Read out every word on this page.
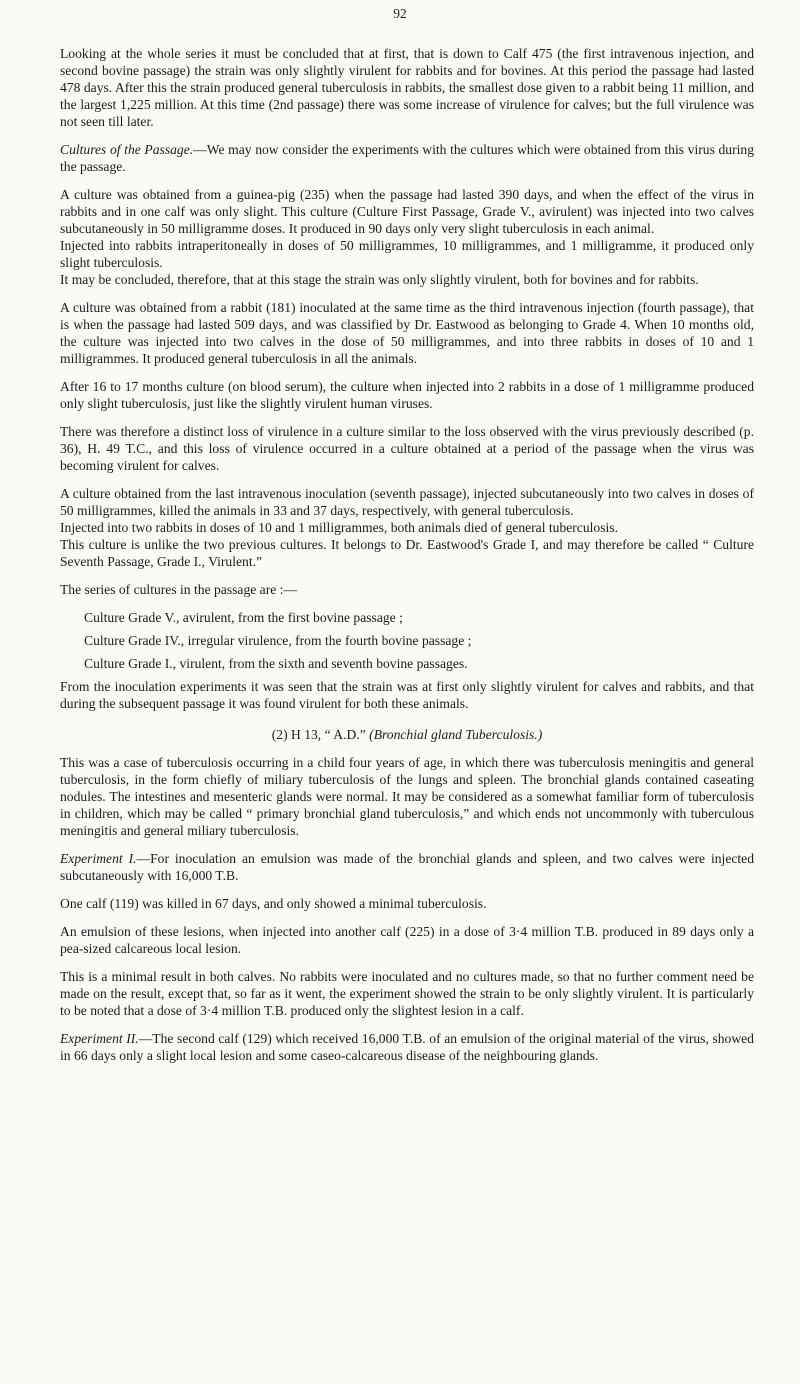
92

Looking at the whole series it must be concluded that at first, that is down to Calf 475 (the first intravenous injection, and second bovine passage) the strain was only slightly virulent for rabbits and for bovines. At this period the passage had lasted 478 days. After this the strain produced general tuberculosis in rabbits, the smallest dose given to a rabbit being 11 million, and the largest 1,225 million. At this time (2nd passage) there was some increase of virulence for calves; but the full virulence was not seen till later.

Cultures of the Passage.—We may now consider the experiments with the cultures which were obtained from this virus during the passage.

A culture was obtained from a guinea-pig (235) when the passage had lasted 390 days, and when the effect of the virus in rabbits and in one calf was only slight. This culture (Culture First Passage, Grade V., avirulent) was injected into two calves subcutaneously in 50 milligramme doses. It produced in 90 days only very slight tuberculosis in each animal.

Injected into rabbits intraperitoneally in doses of 50 milligrammes, 10 milligrammes, and 1 milligramme, it produced only slight tuberculosis.

It may be concluded, therefore, that at this stage the strain was only slightly virulent, both for bovines and for rabbits.

A culture was obtained from a rabbit (181) inoculated at the same time as the third intravenous injection (fourth passage), that is when the passage had lasted 509 days, and was classified by Dr. Eastwood as belonging to Grade 4. When 10 months old, the culture was injected into two calves in the dose of 50 milligrammes, and into three rabbits in doses of 10 and 1 milligrammes. It produced general tuberculosis in all the animals.

After 16 to 17 months culture (on blood serum), the culture when injected into 2 rabbits in a dose of 1 milligramme produced only slight tuberculosis, just like the slightly virulent human viruses.

There was therefore a distinct loss of virulence in a culture similar to the loss observed with the virus previously described (p. 36), H. 49 T.C., and this loss of virulence occurred in a culture obtained at a period of the passage when the virus was becoming virulent for calves.

A culture obtained from the last intravenous inoculation (seventh passage), injected subcutaneously into two calves in doses of 50 milligrammes, killed the animals in 33 and 37 days, respectively, with general tuberculosis.

Injected into two rabbits in doses of 10 and 1 milligrammes, both animals died of general tuberculosis.

This culture is unlike the two previous cultures. It belongs to Dr. Eastwood's Grade I, and may therefore be called “ Culture Seventh Passage, Grade I., Virulent.”

The series of cultures in the passage are :—

Culture Grade V., avirulent, from the first bovine passage ;

Culture Grade IV., irregular virulence, from the fourth bovine passage ;

Culture Grade I., virulent, from the sixth and seventh bovine passages.

From the inoculation experiments it was seen that the strain was at first only slightly virulent for calves and rabbits, and that during the subsequent passage it was found virulent for both these animals.

(2) H 13, “ A.D.” (Bronchial gland Tuberculosis.)

This was a case of tuberculosis occurring in a child four years of age, in which there was tuberculosis meningitis and general tuberculosis, in the form chiefly of miliary tuberculosis of the lungs and spleen. The bronchial glands contained caseating nodules. The intestines and mesenteric glands were normal. It may be considered as a somewhat familiar form of tuberculosis in children, which may be called “ primary bronchial gland tuberculosis,” and which ends not uncommonly with tuberculous meningitis and general miliary tuberculosis.

Experiment I.—For inoculation an emulsion was made of the bronchial glands and spleen, and two calves were injected subcutaneously with 16,000 T.B.

One calf (119) was killed in 67 days, and only showed a minimal tuberculosis.

An emulsion of these lesions, when injected into another calf (225) in a dose of 3·4 million T.B. produced in 89 days only a pea-sized calcareous local lesion.

This is a minimal result in both calves. No rabbits were inoculated and no cultures made, so that no further comment need be made on the result, except that, so far as it went, the experiment showed the strain to be only slightly virulent. It is particularly to be noted that a dose of 3·4 million T.B. produced only the slightest lesion in a calf.

Experiment II.—The second calf (129) which received 16,000 T.B. of an emulsion of the original material of the virus, showed in 66 days only a slight local lesion and some caseo-calcareous disease of the neighbouring glands.
